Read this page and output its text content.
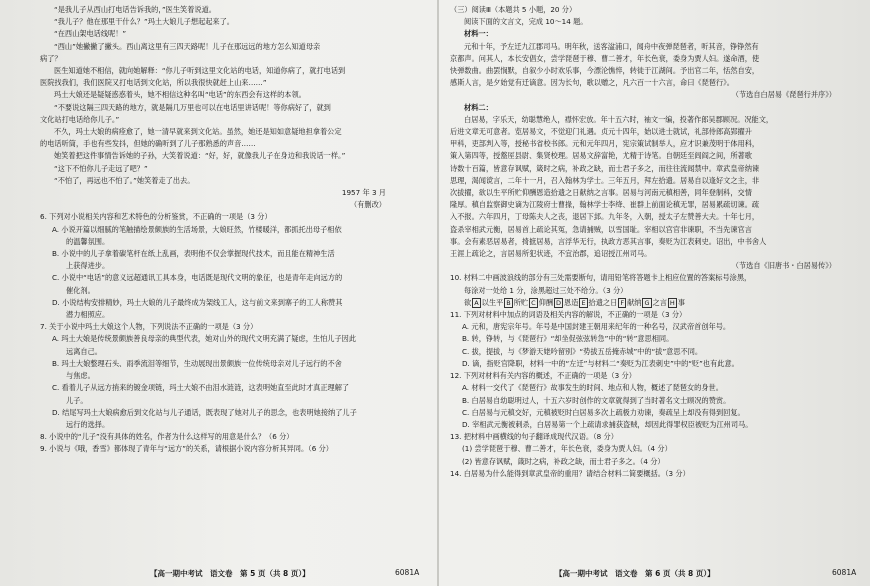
“是我儿子从西山打电话告诉我的，”医生笑着说道。

“我儿子？他在那里干什么？”玛土大娘儿子想起起来了。

“在西山架电话线呢！”

“西山”她撇撇了撇头。西山离这里有三四天路呢！儿子在那远远的地方怎么知道母亲

病了？

医生知道她不相信，就向她解释：“你儿子听到这里文化站的电话，知道你病了，就打电话到

医院找我们，我们医院又打电话到文化站，所以我很快就赶上山来……”

玛土大娘还是疑疑惑惑着头，她不相信这种名叫“电话”的东西会有这样的本领。

“不要说这隔三四天路的地方，就是隔几万里也可以在电话里讲话呢！等你病好了，就到

文化站打电话给你儿子。”

不久，玛土大娘的病痊愈了，她一清早就来到文化站。虽然，她还是知如意疑地担拿着公定

的电话听筒，手也有些发抖，但她的确听到了儿子那熟悉的声音……

她笑着把这件事情告诉她的子孙，大笑着说道：“好，好，就像我儿子在身边和我说话一样。”

“这下不怕你儿子走远了吧？”

“不怕了，再远也不怕了。”她笑着走了出去。

1957 年 3 月

（有删改）

6. 下列对小说相关内容和艺术特色的分析鉴赏，不正确的一项是（3 分）

A. 小说开篇以细腻的笔触描绘景颇族的生活场景，大娘旺然，竹楼暖洋，都抓托出母子相依

的温馨氛围。

B. 小说中的儿子拿着碳笔杆在纸上乱画，表明他不仅会掌握现代技术，而且能在精神生活

上获得进步。

C. 小说中“电话”的意义远超通讯工具本身，电话既是现代文明的象征，也是青年走向远方的

催化剂。

D. 小说结构安排精妙，玛土大娘的儿子最终成为架线工人，这与前文来到寨子的工人称赞其

潜力相照应。

7. 关于小说中玛土大娘这个人物，下列说法不正确的一项是（3 分）

A. 玛土大娘是传统景颇族善良母亲的典型代表，她对山外的现代文明充满了疑虑，生怕儿子因此

远离自己。

B. 玛土大娘整理石头、雨季流泪等细节，生动展现出景颇族一位传统母亲对儿子远行的不舍

与焦虑。

C. 看着儿子从远方捎来的镀金项链，玛土大娘不由泪水涟涟，这表明她直至此时才真正理解了

儿子。

D. 结尾写玛土大娘病愈后到文化站与儿子通话，既表现了她对儿子的思念，也表明她接纳了儿子

远行的选择。

8. 小说中的“儿子”没有具体的姓名，作者为什么这样写的用意是什么？（6 分）

9. 小说与《哦，香雪》都体现了青年与“远方”的关系，请根据小说内容分析其异同。（6 分）

（三）阅读Ⅲ（本题共 5 小题，20 分）

阅读下面的文言文，完成 10～14 题。

材料一：

元和十年，予左迁九江郡司马。明年秋，送客湓浦口，闻舟中夜弹琵琶者，听其音，铮铮然有

京都声。问其人，本长安倡女，尝学琵琶于穆、曹二善才，年长色衰，委身为贾人妇。遂命酒，使

快弹数曲。曲罢悯默，自叙少小时欢乐事，今漂沦憔悴，转徙于江湖间。予出官二年，恬然自安，

感斯人言，是夕始觉有迁谪意。因为长句，歌以赠之，凡六百一十六言，命曰《琵琶行》。

（节选自白居易《琵琶行并序》）

材料二：

白居易，字乐天，幼聪慧绝人，襟怀宏放。年十五六时，袖文一编，投著作郎吴郡顾况。况能文，

后进文章无可意者。览居易文，不觉迎门礼遇。贞元十四年，始以进士就试，礼部侍郎高郢擢升

甲科，吏部判入等，授秘书省校书郎。元和元年四月，宪宗策试制举人，应才识兼茂明于体用科，

策入第四等，授盩厔县尉、集贤校理。居易文辞富艳，尤精于诗笔。自朝廷至闾阎之间，所著歌

诗数十百篇，皆意存讽赋，箴时之病，补政之缺，而士君子多之，而往往流闻禁中。章武皇帝纳谏

思理，渴闻谠言，二年十一月，召入翰林为学士。三年五月，拜左拾遗。居易自以逢好文之主，非

次拔擢，欲以生平所贮仰酬恩造拾遗之日献纳之言事。居易与河南元稹相善，同年登制科，交情

隆厚。稹自监察御史谪为江陵府士曹掾，翰林学士李绛、崔群上前面论稹无罪，居易累疏切谏。疏

入不报。六年四月，丁母陈夫人之丧，退居下邽。九年冬，入朝，授太子左赞善大夫。十年七月，

盗杀宰相武元衡，居易首上疏论其冤，急请捕贼，以雪国耻。宰相以宫官非谏职，不当先谏官言

事。会有素恶居易者，掎摭居易，言浮华无行，执政方恶其言事，奏贬为江表刺史。诏出，中书舍人

王涯上疏论之，言居易所犯状迹，不宜治郡，追诏授江州司马。

（节选自《旧唐书・白居易传》）

10. 材料二中画波浪线的部分有三处需要断句，请用铅笔将答题卡上相应位置的答案标号涂黑，

每涂对一处给 1 分，涂黑超过三处不给分。（3 分）

欲 A 以生平 B 所贮 C 仰酬 D 恩造 E 拾遗之日 F 献纳 G 之言 H 事

11. 下列对材料中加点的词语及相关内容的解说，不正确的一项是（3 分）

A. 元和，唐宪宗年号。年号是中国封建王朝用来纪年的一种名号，汉武帝首创年号。

B. 转，铮转，与《琵琶行》“却坐促弦弦转急”中的“转”意思相同。

C. 拔，提拔，与《梦游天姥吟留别》“势拔五岳掩赤城”中的“拔”意思不同。

D. 谪，指贬官降职，材料一中的“左迁”与材料二“奏贬为江表刺史”中的“贬”也有此意。

12. 下列对材料有关内容的概述，不正确的一项是（3 分）

A. 材料一交代了《琵琶行》故事发生的时间、地点和人物，概述了琵琶女的身世。

B. 白居易自幼聪明过人，十五六岁时创作的文章就得到了当时著名文士顾况的赞赏。

C. 白居易与元稹交好，元稹被贬时白居易多次上疏极力劝谏，奏疏呈上却没有得到回复。

D. 宰相武元衡被刺杀，白居易第一个上疏请求捕获盗贼，却因此得罪权臣被贬为江州司马。

13. 把材料中画横线的句子翻译成现代汉语。（8 分）

(1) 尝学琵琶于穆、曹二善才，年长色衰，委身为贾人妇。（4 分）

(2) 皆意存讽赋，箴时之病，补政之缺，而士君子多之。（4 分）

14. 白居易为什么能得到章武皇帝的重用？请结合材料二简要概括。（3 分）

【高一期中考试　语文卷　第 5 页（共 8 页）】	6081A	【高一期中考试　语文卷　第 6 页（共 8 页）】	6081A
